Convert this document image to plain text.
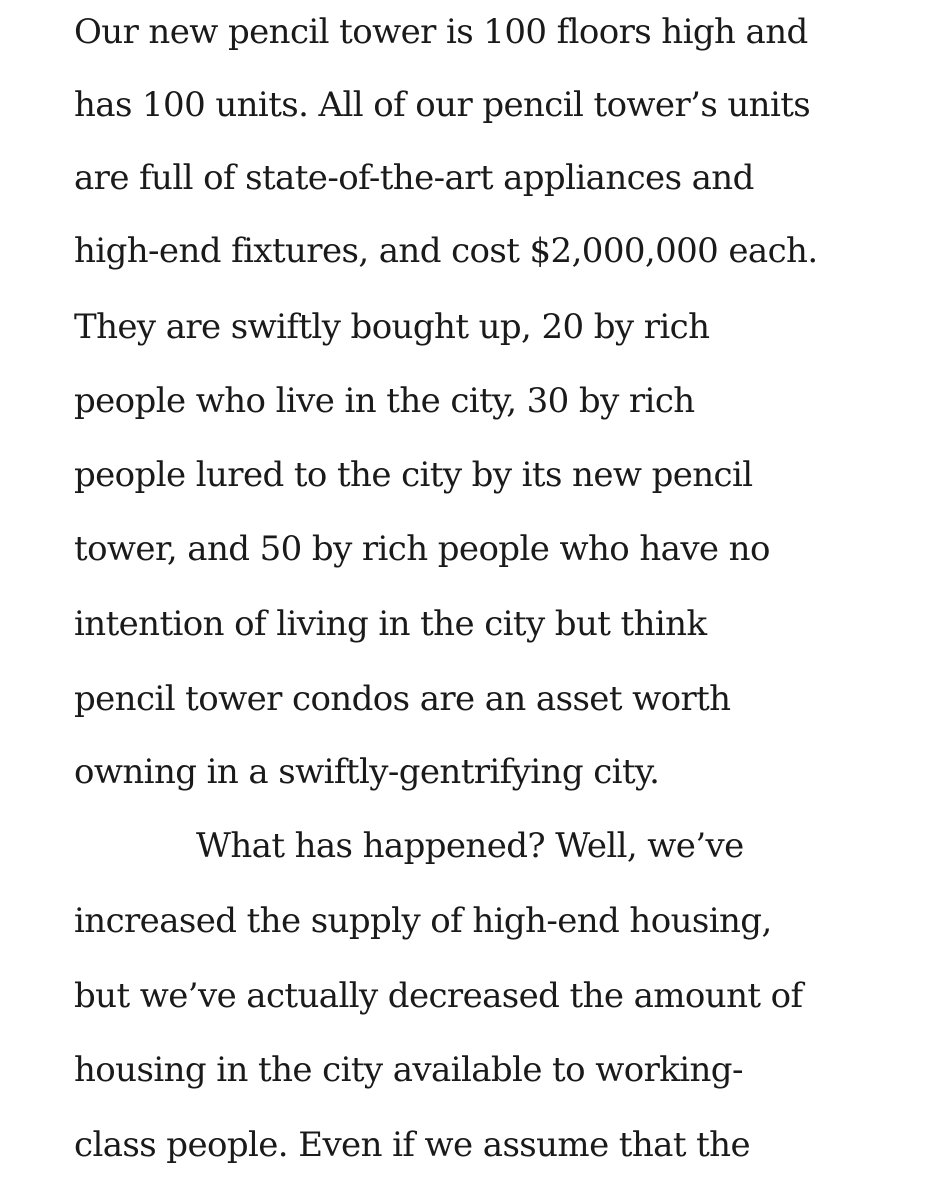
Our new pencil tower is 100 floors high and

has 100 units. All of our pencil tower’s units

are full of state-of-the-art appliances and

high-end fixtures, and cost $2,000,000 each.

They are swiftly bought up, 20 by rich

people who live in the city, 30 by rich

people lured to the city by its new pencil

tower, and 50 by rich people who have no

intention of living in the city but think

pencil tower condos are an asset worth

owning in a swiftly-gentrifying city.

What has happened? Well, we’ve

increased the supply of high-end housing,

but we’ve actually decreased the amount of

housing in the city available to working-

class people. Even if we assume that the
